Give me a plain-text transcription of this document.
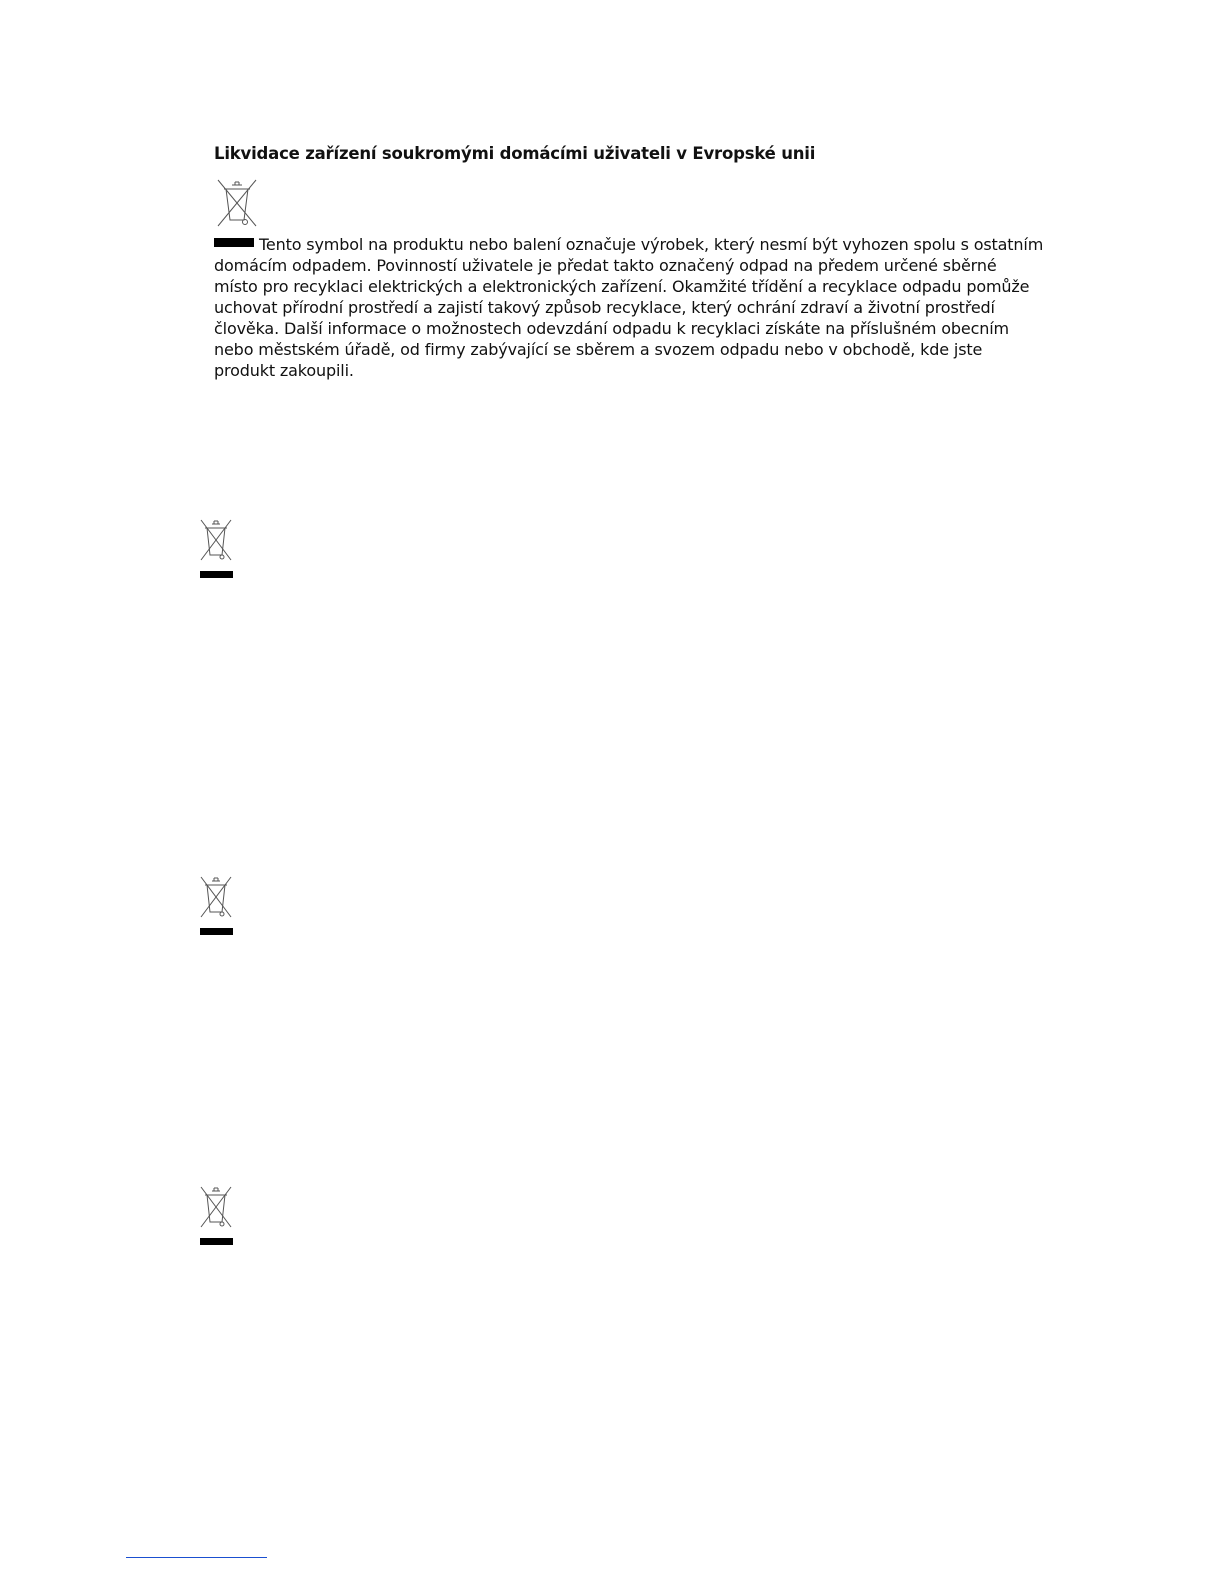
Likvidace zařízení soukromými domácími uživateli v Evropské unii
Tento symbol na produktu nebo balení označuje výrobek, který nesmí být vyhozen spolu s ostatním
domácím odpadem. Povinností uživatele je předat takto označený odpad na předem určené sběrné
místo pro recyklaci elektrických a elektronických zařízení. Okamžité třídění a recyklace odpadu pomůže
uchovat přírodní prostředí a zajistí takový způsob recyklace, který ochrání zdraví a životní prostředí
člověka. Další informace o možnostech odevzdání odpadu k recyklaci získáte na příslušném obecním
nebo městském úřadě, od firmy zabývající se sběrem a svozem odpadu nebo v obchodě, kde jste
produkt zakoupili.
